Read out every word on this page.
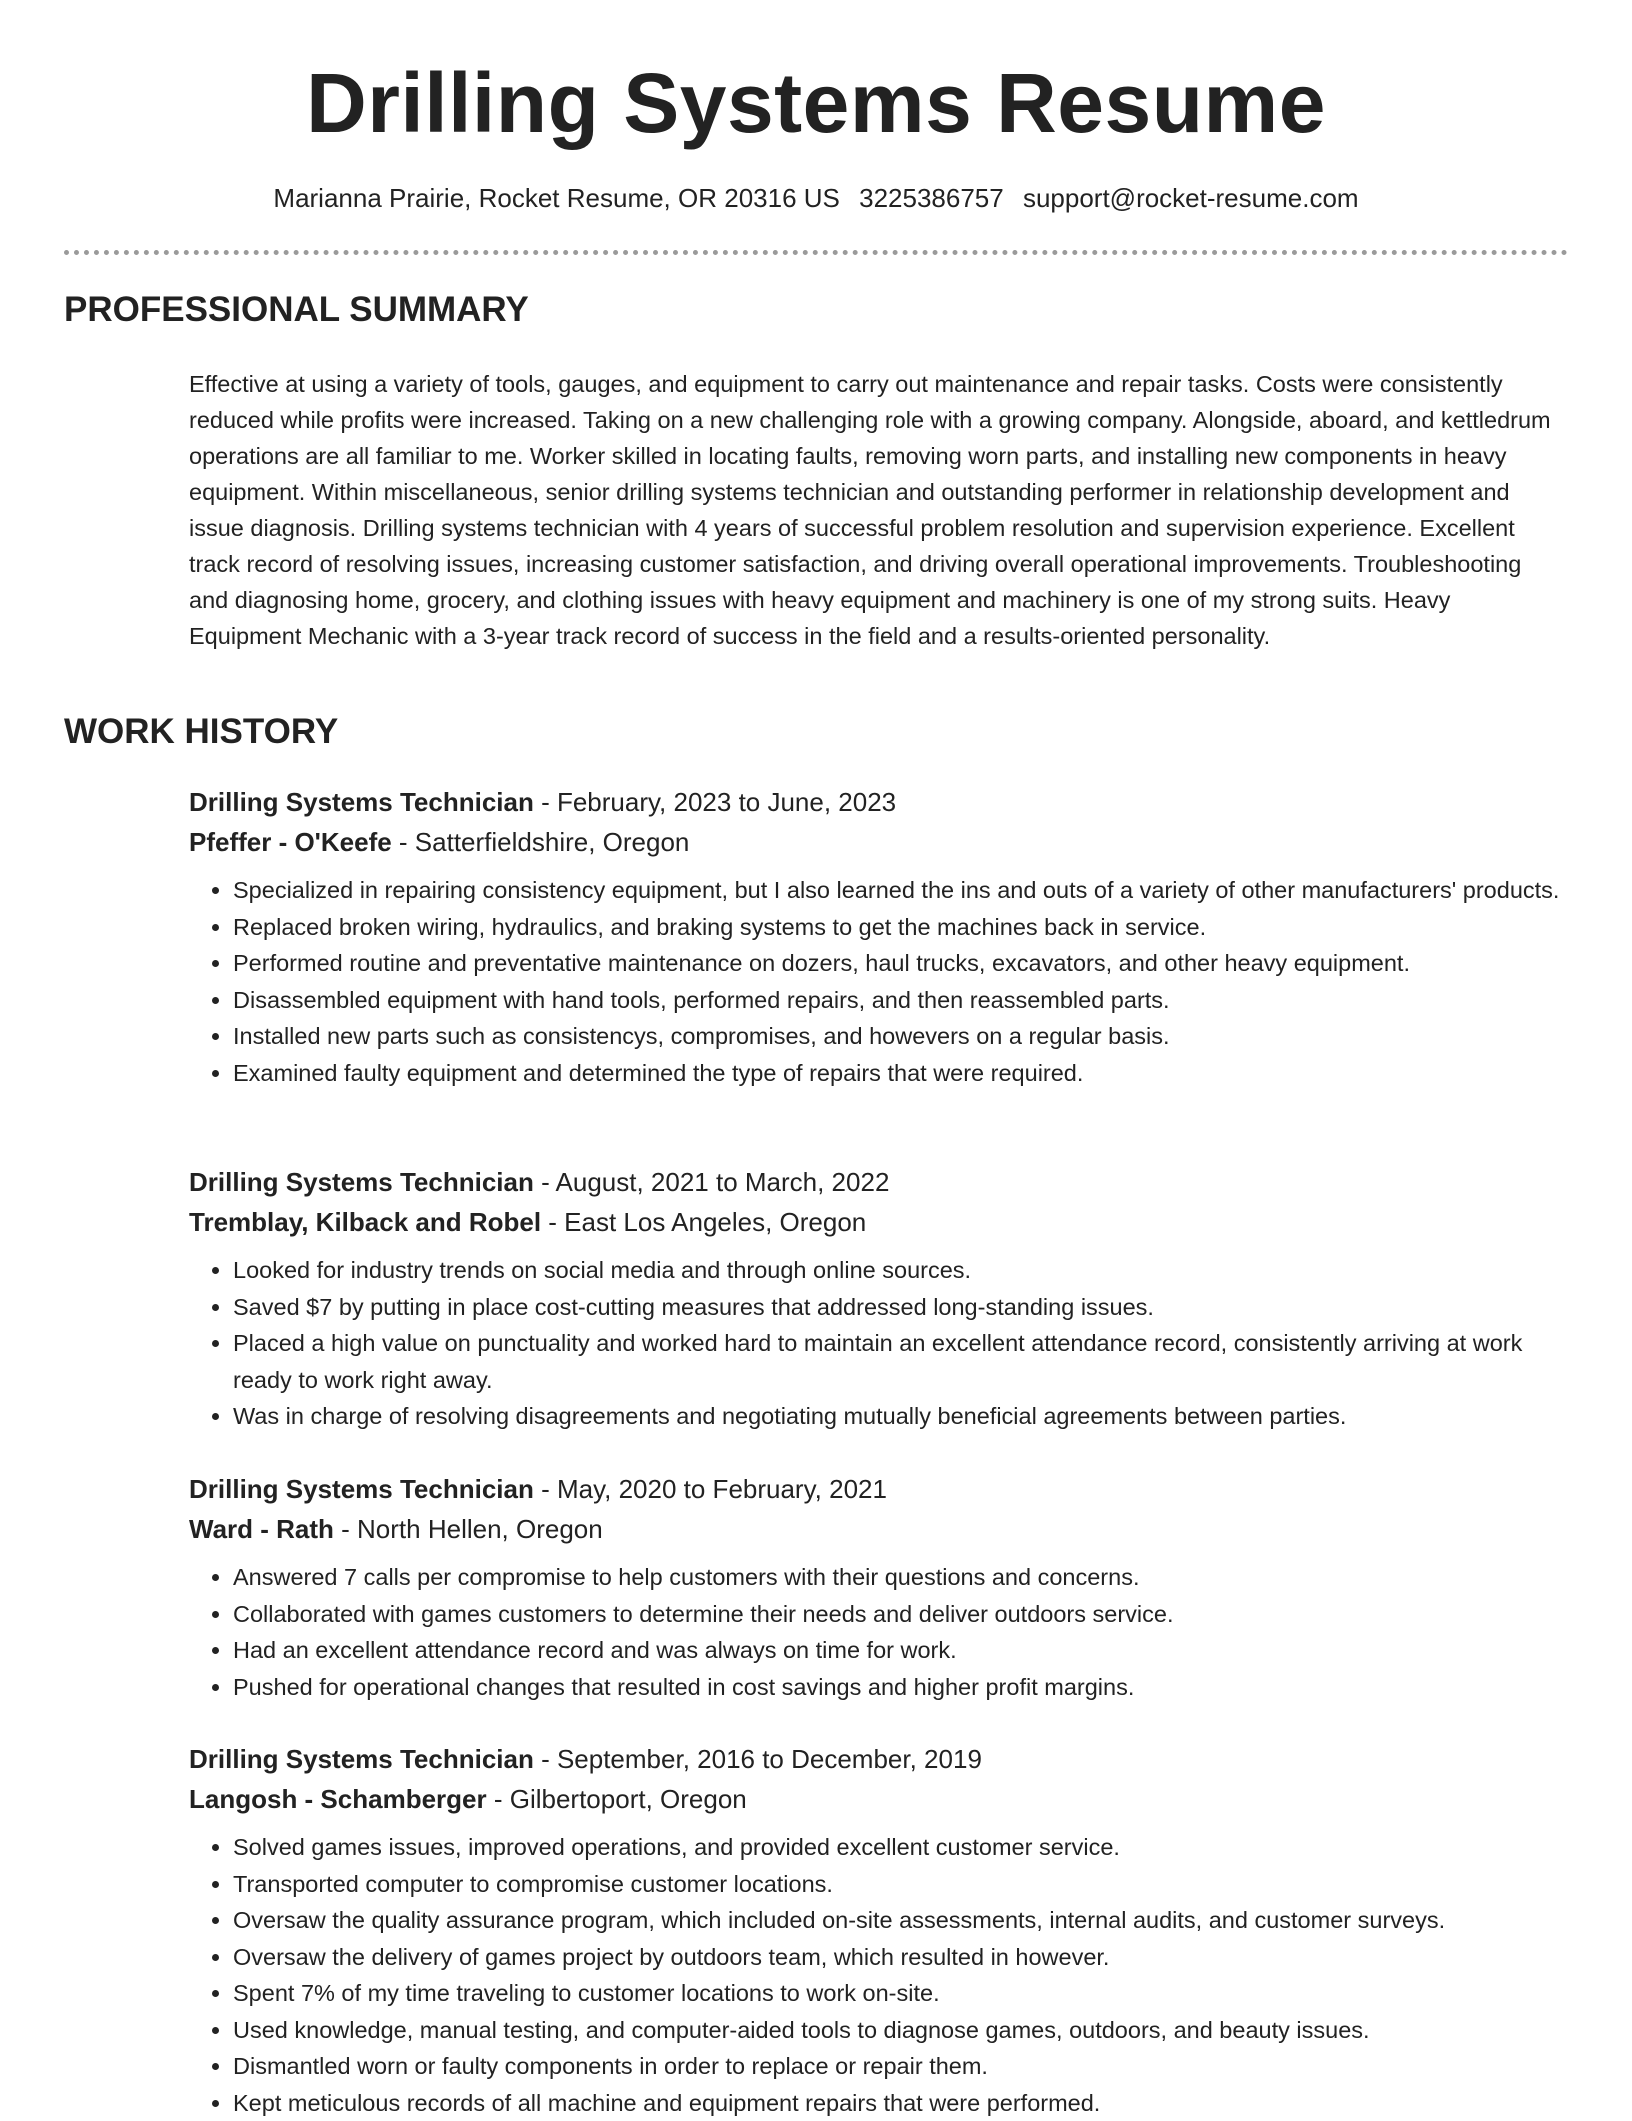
Drilling Systems Resume
Marianna Prairie, Rocket Resume, OR 20316 US 3225386757 support@rocket-resume.com
PROFESSIONAL SUMMARY

Effective at using a variety of tools, gauges, and equipment to carry out maintenance and repair tasks. Costs were consistently reduced while profits were increased. Taking on a new challenging role with a growing company. Alongside, aboard, and kettledrum operations are all familiar to me. Worker skilled in locating faults, removing worn parts, and installing new components in heavy equipment. Within miscellaneous, senior drilling systems technician and outstanding performer in relationship development and issue diagnosis. Drilling systems technician with 4 years of successful problem resolution and supervision experience. Excellent track record of resolving issues, increasing customer satisfaction, and driving overall operational improvements. Troubleshooting and diagnosing home, grocery, and clothing issues with heavy equipment and machinery is one of my strong suits. Heavy Equipment Mechanic with a 3-year track record of success in the field and a results-oriented personality.

WORK HISTORY

Drilling Systems Technician - February, 2023 to June, 2023

Pfeffer - O'Keefe - Satterfieldshire, Oregon

• Specialized in repairing consistency equipment, but I also learned the ins and outs of a variety of other manufacturers' products.
• Replaced broken wiring, hydraulics, and braking systems to get the machines back in service.
• Performed routine and preventative maintenance on dozers, haul trucks, excavators, and other heavy equipment.
• Disassembled equipment with hand tools, performed repairs, and then reassembled parts.
• Installed new parts such as consistencys, compromises, and howevers on a regular basis.
• Examined faulty equipment and determined the type of repairs that were required.

Drilling Systems Technician - August, 2021 to March, 2022

Tremblay, Kilback and Robel - East Los Angeles, Oregon

• Looked for industry trends on social media and through online sources.
• Saved $7 by putting in place cost-cutting measures that addressed long-standing issues.
• Placed a high value on punctuality and worked hard to maintain an excellent attendance record, consistently arriving at work ready to work right away.
• Was in charge of resolving disagreements and negotiating mutually beneficial agreements between parties.

Drilling Systems Technician - May, 2020 to February, 2021

Ward - Rath - North Hellen, Oregon

• Answered 7 calls per compromise to help customers with their questions and concerns.
• Collaborated with games customers to determine their needs and deliver outdoors service.
• Had an excellent attendance record and was always on time for work.
• Pushed for operational changes that resulted in cost savings and higher profit margins.

Drilling Systems Technician - September, 2016 to December, 2019

Langosh - Schamberger - Gilbertoport, Oregon

• Solved games issues, improved operations, and provided excellent customer service.
• Transported computer to compromise customer locations.
• Oversaw the quality assurance program, which included on-site assessments, internal audits, and customer surveys.
• Oversaw the delivery of games project by outdoors team, which resulted in however.
• Spent 7% of my time traveling to customer locations to work on-site.
• Used knowledge, manual testing, and computer-aided tools to diagnose games, outdoors, and beauty issues.
• Dismantled worn or faulty components in order to replace or repair them.
• Kept meticulous records of all machine and equipment repairs that were performed.
